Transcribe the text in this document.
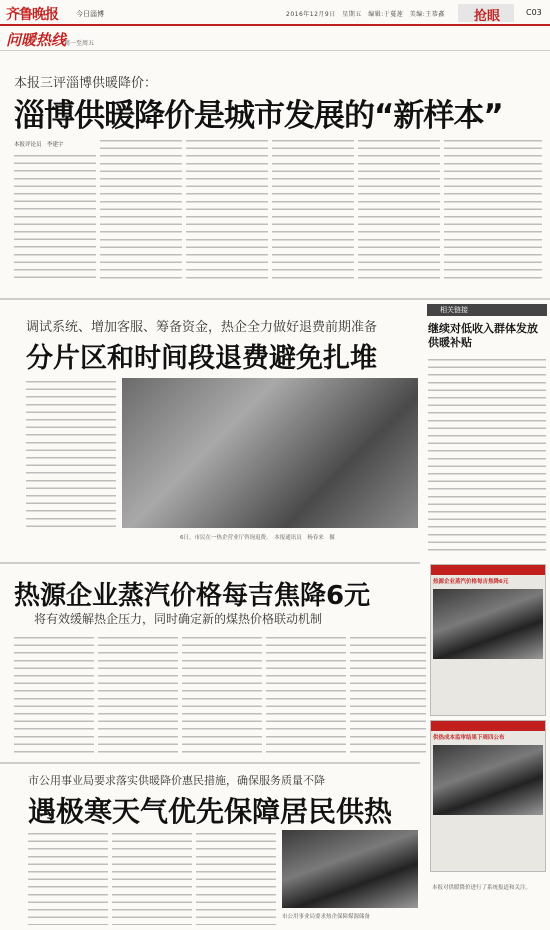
齐鲁晚报	今日淄博	2016年12月9日　星期五　编辑:于蔓莲　美编:王恭鑫 抢眼	C03
问暖热线
周一至周五
本报三评淄博供暖降价：
淄博供暖降价是城市发展的“新样本”
本报评论员　李建宇
调试系统、增加客服、筹备资金，热企全力做好退费前期准备
分片区和时间段退费避免扎堆
6日，市民在一热企营业厅咨询退费。　本报通讯员　杨春来　摄
相关链接
继续对低收入群体发放供暖补贴
热源企业蒸汽价格每吉焦降6元
将有效缓解热企压力，同时确定新的煤热价格联动机制
热源企业蒸汽价格每吉焦降6元
供热成本监审结果下周四公布
本报对供暖降价进行了系统报道和关注。
市公用事业局要求落实供暖降价惠民措施，确保服务质量不降
遇极寒天气优先保障居民供热
市公用事业局要求热企保障煤源储备
